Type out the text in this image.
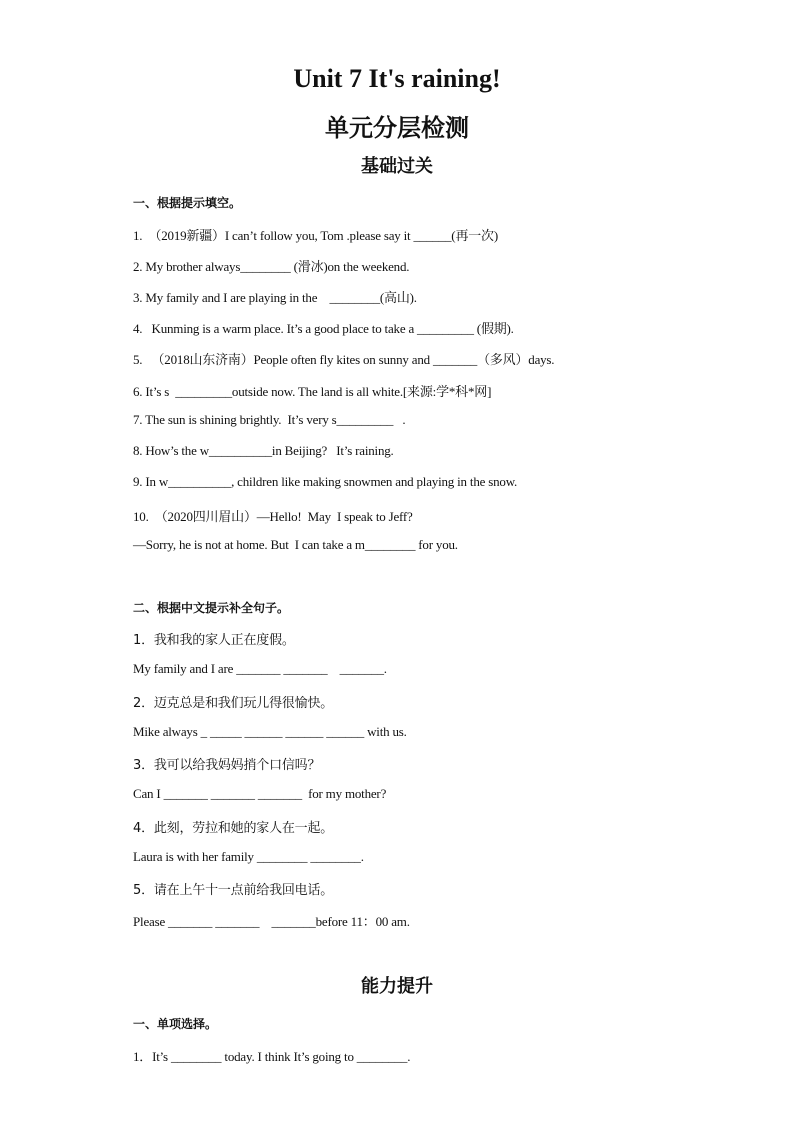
Unit 7 It's raining!
单元分层检测
基础过关
一、根据提示填空。
1.  （2019新疆）I can’t follow you, Tom .please say it ______(再一次)
2. My brother always________ (滑冰)on the weekend.
3. My family and I are playing in the    ________(高山).
4.   Kunming is a warm place. It’s a good place to take a _________ (假期).
5.   （2018山东济南）People often fly kites on sunny and _______（多风）days.
6. It’s s  _________outside now. The land is all white.[来源:学*科*网]
7. The sun is shining brightly.  It’s very s_________   .
8. How’s the w__________in Beijing?   It’s raining.
9. In w__________, children like making snowmen and playing in the snow.
10.  （2020四川眉山）—Hello!  May  I speak to Jeff?
—Sorry, he is not at home. But  I can take a m________ for you.
二、根据中文提示补全句子。
1．我和我的家人正在度假。
My family and I are _______ _______    _______.
2．迈克总是和我们玩儿得很愉快。
Mike always _ _____ ______ ______ ______ with us.
3．我可以给我妈妈捎个口信吗？
Can I _______ _______ _______  for my mother?
4．此刻，劳拉和她的家人在一起。
Laura is with her family ________ ________.
5．请在上午十一点前给我回电话。
Please _______ _______    _______before 11：00 am.
能力提升
一、单项选择。
1．It’s ________ today. I think It’s going to ________.
